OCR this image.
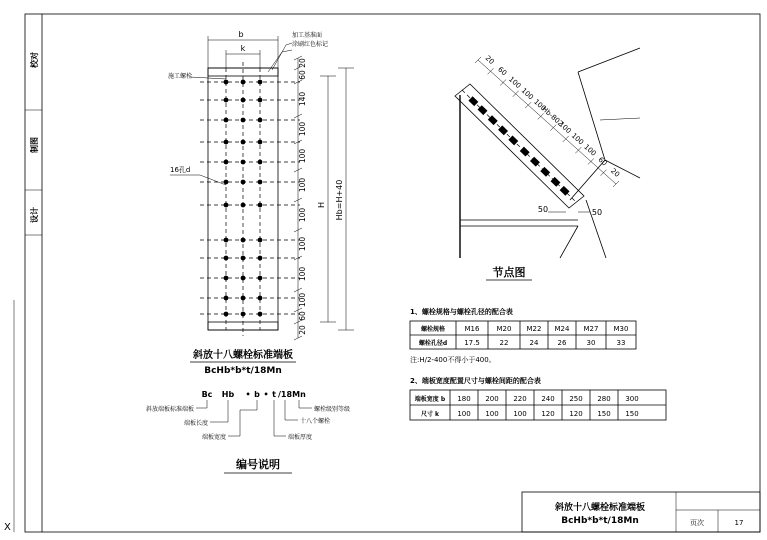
校对
制图
设计
b
k
加工基准面
涂刷红色标记
施工螺栓
16孔d
20
60
140
100
100
100
100
100
100
100
60
20
H Hb=H+40
斜放十八螺栓标准端板
BcHb*b*t/18Mn
Bc Hb • b • t /18 Mn
斜放端板标准端板
端板长度
端板宽度
螺栓级别等级
十八个螺栓
端板厚度
编号说明
20
60
100
100
100
Hb-802
100
100
100
60
20
50	50
节点图
1、螺栓规格与螺栓孔径的配合表
螺栓规格	M16 M20 M22 M24 M27 M30
螺栓孔径d 17.5	22	24	26	30	33
注:H/2-400不得小于400。
2、端板宽度配置尺寸与螺栓间距的配合表
端板宽度 b 180 200 220 240 250 280 300
尺寸 k	100 100 100 120 120 150 150
斜放十八螺栓标准端板
BcHb*b*t/18Mn	页次	17
X
